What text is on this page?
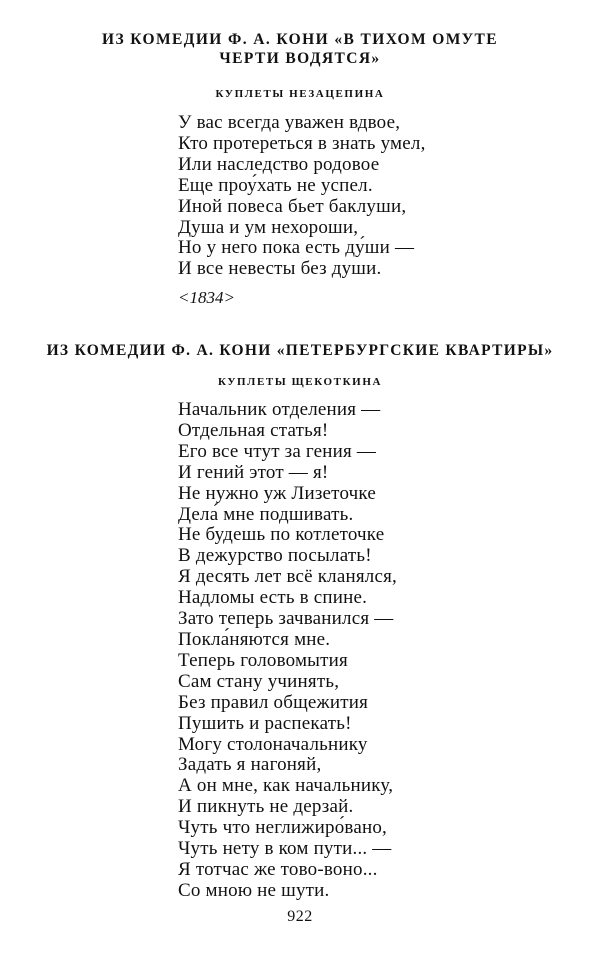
ИЗ КОМЕДИИ Ф. А. КОНИ «В ТИХОМ ОМУТЕ
ЧЕРТИ ВОДЯТСЯ»
КУПЛЕТЫ НЕЗАЦЕПИНА
У вас всегда уважен вдвое,
Кто протереться в знать умел,
Или наследство родовое
Еще проу́хать не успел.
Иной повеса бьет баклуши,
Душа и ум нехороши,
Но у него пока есть ду́ши —
И все невесты без души.
<1834>
ИЗ КОМЕДИИ Ф. А. КОНИ «ПЕТЕРБУРГСКИЕ КВАРТИРЫ»
КУПЛЕТЫ ЩЕКОТКИНА
Начальник отделения —
Отдельная статья!
Его все чтут за гения —
И гений этот — я!
Не нужно уж Лизеточке
Дела́ мне подшивать.
Не будешь по котлеточке
В дежурство посылать!
Я десять лет всё кланялся,
Надломы есть в спине.
Зато теперь зачванился —
Покла́няются мне.
Теперь головомытия
Сам стану учинять,
Без правил общежития
Пушить и распекать!
Могу столоначальнику
Задать я нагоняй,
А он мне, как начальнику,
И пикнуть не дерзай.
Чуть что неглижиро́вано,
Чуть нету в ком пути... —
Я тотчас же тово-воно...
Со мною не шути.
922
